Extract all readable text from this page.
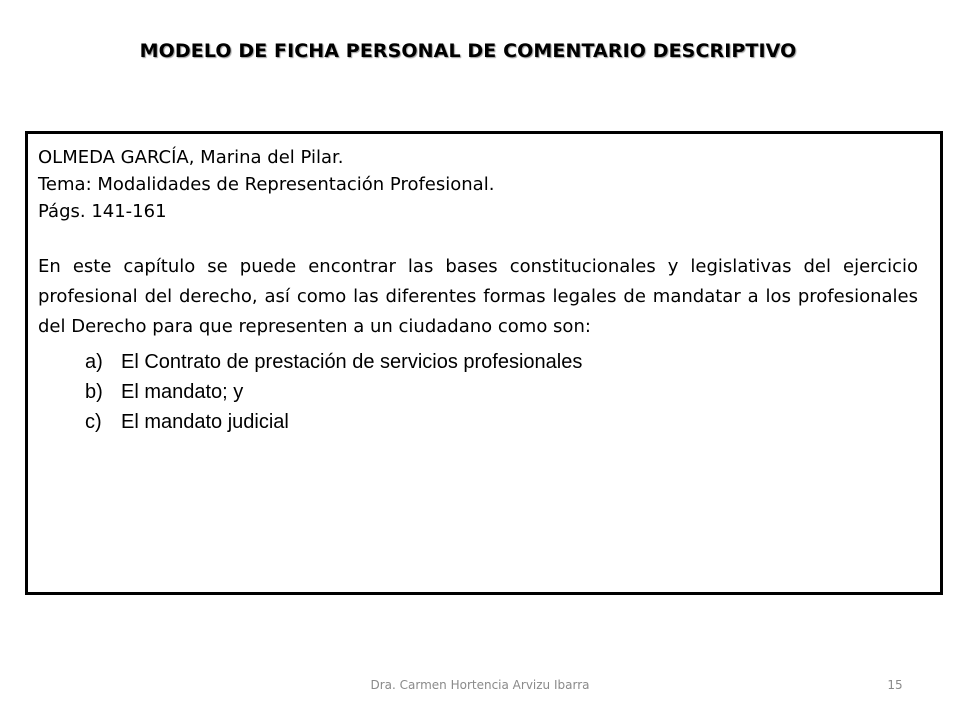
MODELO DE FICHA PERSONAL DE COMENTARIO DESCRIPTIVO
OLMEDA GARCÍA, Marina del Pilar.
Tema: Modalidades de Representación Profesional.
Págs. 141-161
En este capítulo se puede encontrar las bases constitucionales y legislativas del ejercicio profesional del derecho, así como las diferentes formas legales de mandatar a los profesionales del Derecho para que representen a un ciudadano como son:
a) El Contrato de prestación de servicios profesionales
b) El mandato; y
c) El mandato judicial
Dra. Carmen Hortencia Arvizu Ibarra	15
